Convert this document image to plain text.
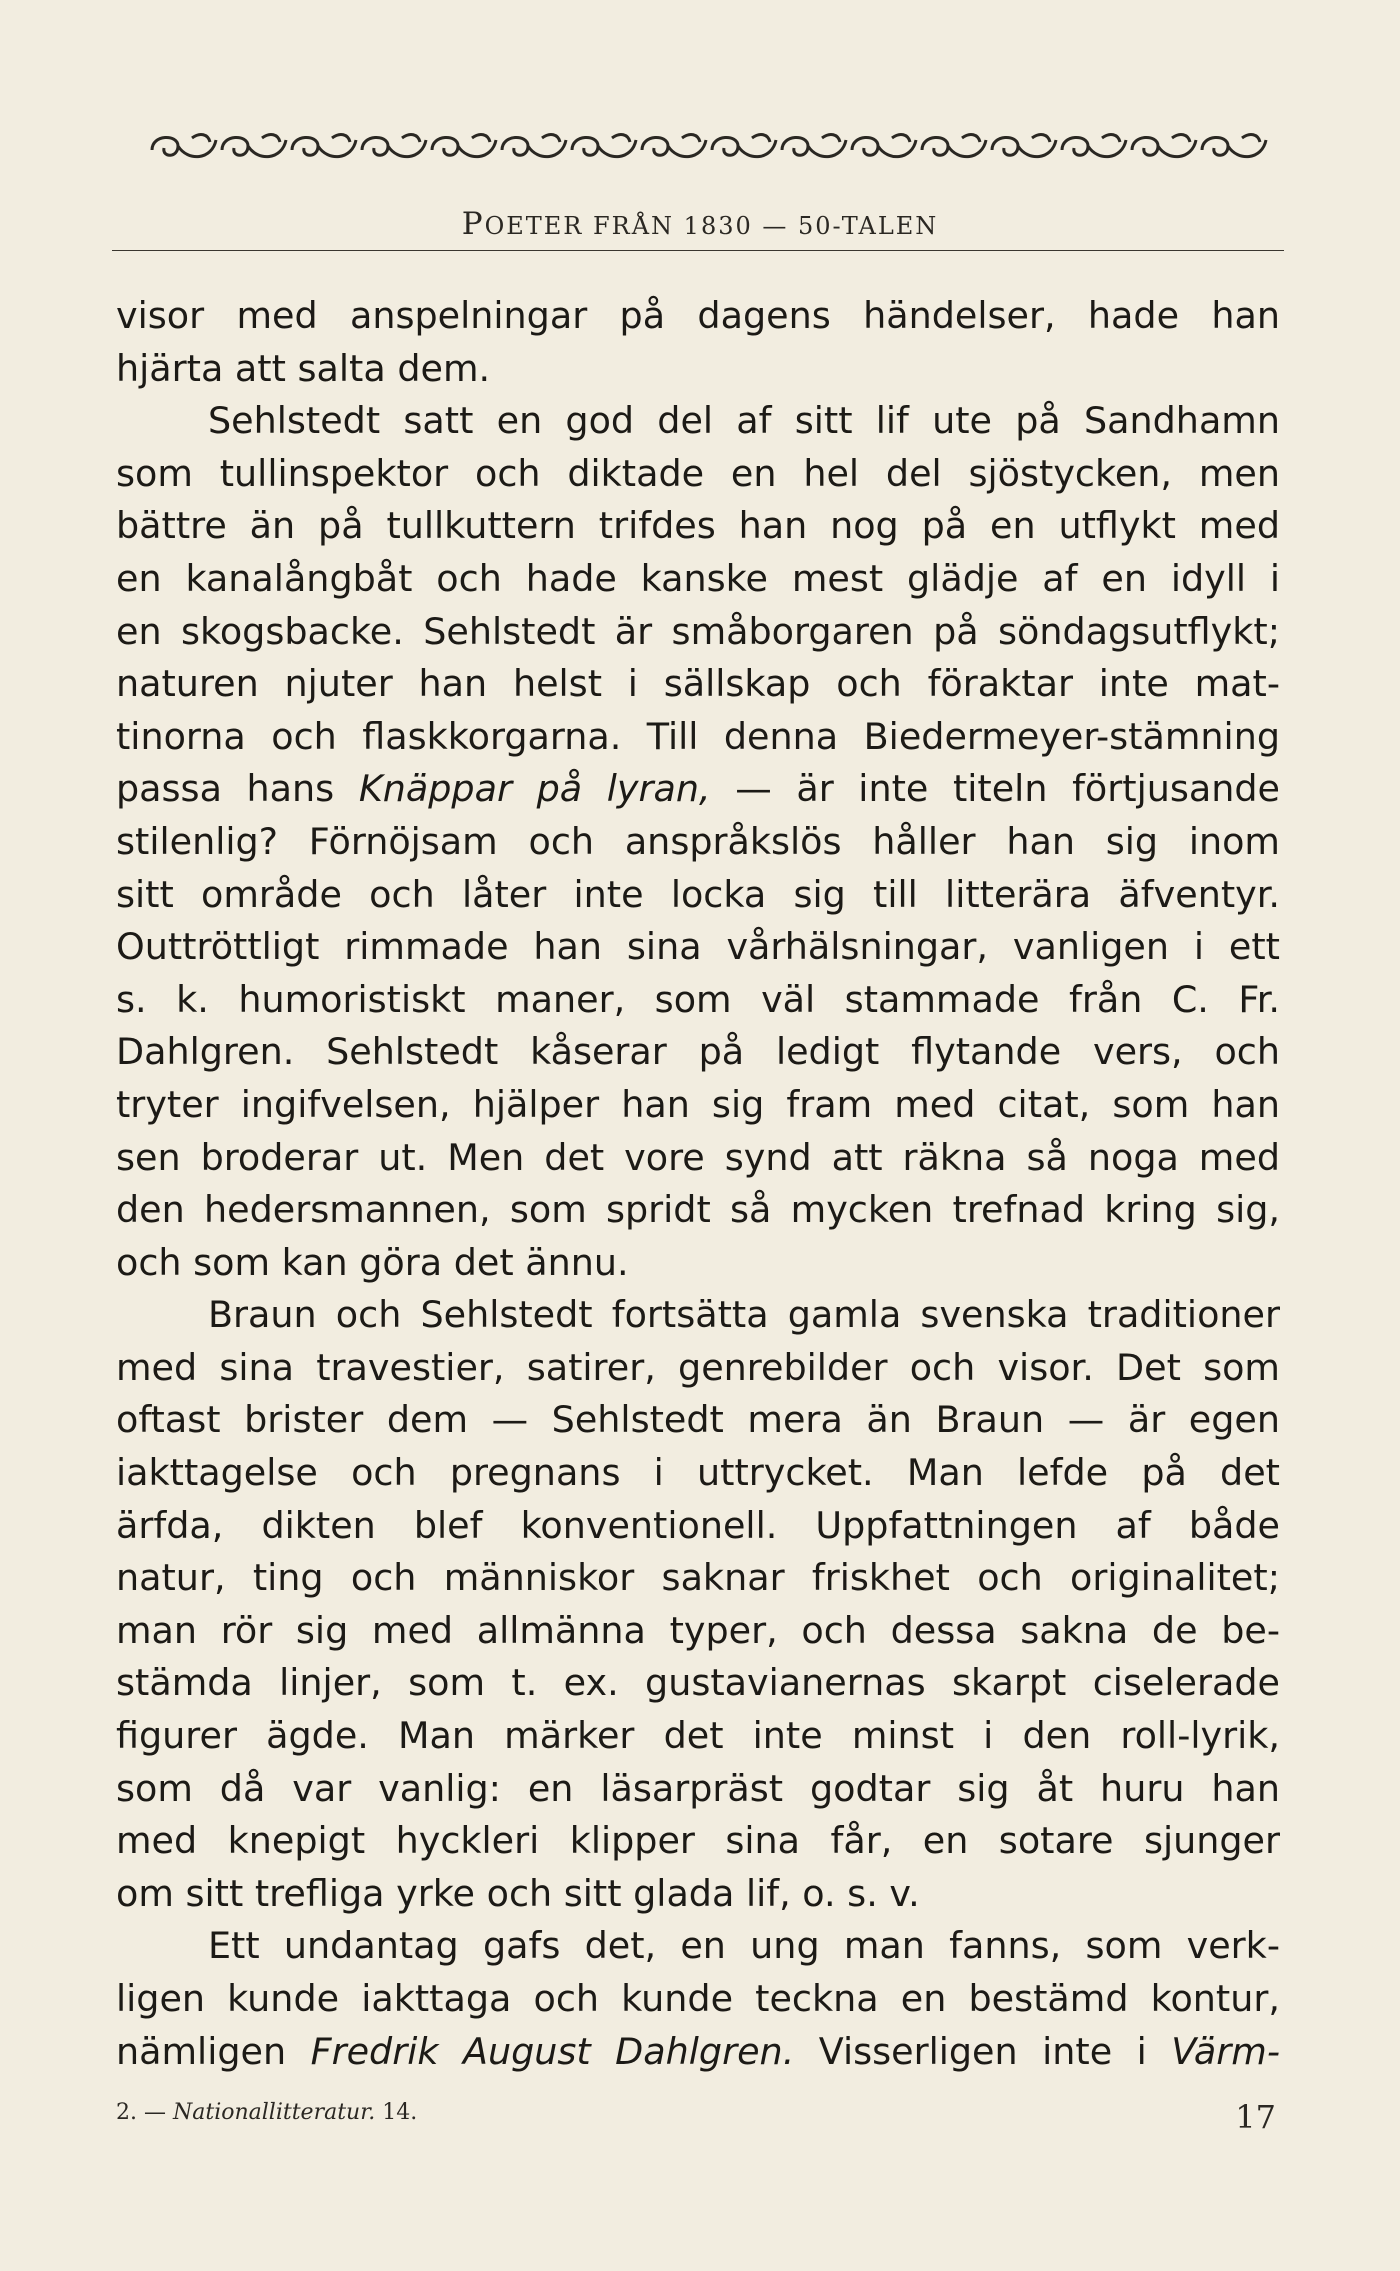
POETER FRÅN 1830 — 50-TALEN
visor med anspelningar på dagens händelser, hade han
hjärta att salta dem.
Sehlstedt satt en god del af sitt lif ute på Sandhamn
som tullinspektor och diktade en hel del sjöstycken, men
bättre än på tullkuttern trifdes han nog på en utflykt med
en kanalångbåt och hade kanske mest glädje af en idyll i
en skogsbacke. Sehlstedt är småborgaren på söndagsutflykt;
naturen njuter han helst i sällskap och föraktar inte mat-
tinorna och flaskkorgarna. Till denna Biedermeyer-stämning
passa hans Knäppar på lyran, — är inte titeln förtjusande
stilenlig? Förnöjsam och anspråkslös håller han sig inom
sitt område och låter inte locka sig till litterära äfventyr.
Outtröttligt rimmade han sina vårhälsningar, vanligen i ett
s. k. humoristiskt maner, som väl stammade från C. Fr.
Dahlgren. Sehlstedt kåserar på ledigt flytande vers, och
tryter ingifvelsen, hjälper han sig fram med citat, som han
sen broderar ut. Men det vore synd att räkna så noga med
den hedersmannen, som spridt så mycken trefnad kring sig,
och som kan göra det ännu.
Braun och Sehlstedt fortsätta gamla svenska traditioner
med sina travestier, satirer, genrebilder och visor. Det som
oftast brister dem — Sehlstedt mera än Braun — är egen
iakttagelse och pregnans i uttrycket. Man lefde på det
ärfda, dikten blef konventionell. Uppfattningen af både
natur, ting och människor saknar friskhet och originalitet;
man rör sig med allmänna typer, och dessa sakna de be-
stämda linjer, som t. ex. gustavianernas skarpt ciselerade
figurer ägde. Man märker det inte minst i den roll-lyrik,
som då var vanlig: en läsarpräst godtar sig åt huru han
med knepigt hyckleri klipper sina får, en sotare sjunger
om sitt trefliga yrke och sitt glada lif, o. s. v.
Ett undantag gafs det, en ung man fanns, som verk-
ligen kunde iakttaga och kunde teckna en bestämd kontur,
nämligen Fredrik August Dahlgren. Visserligen inte i Värm-
2. — Nationallitteratur. 14.	17
